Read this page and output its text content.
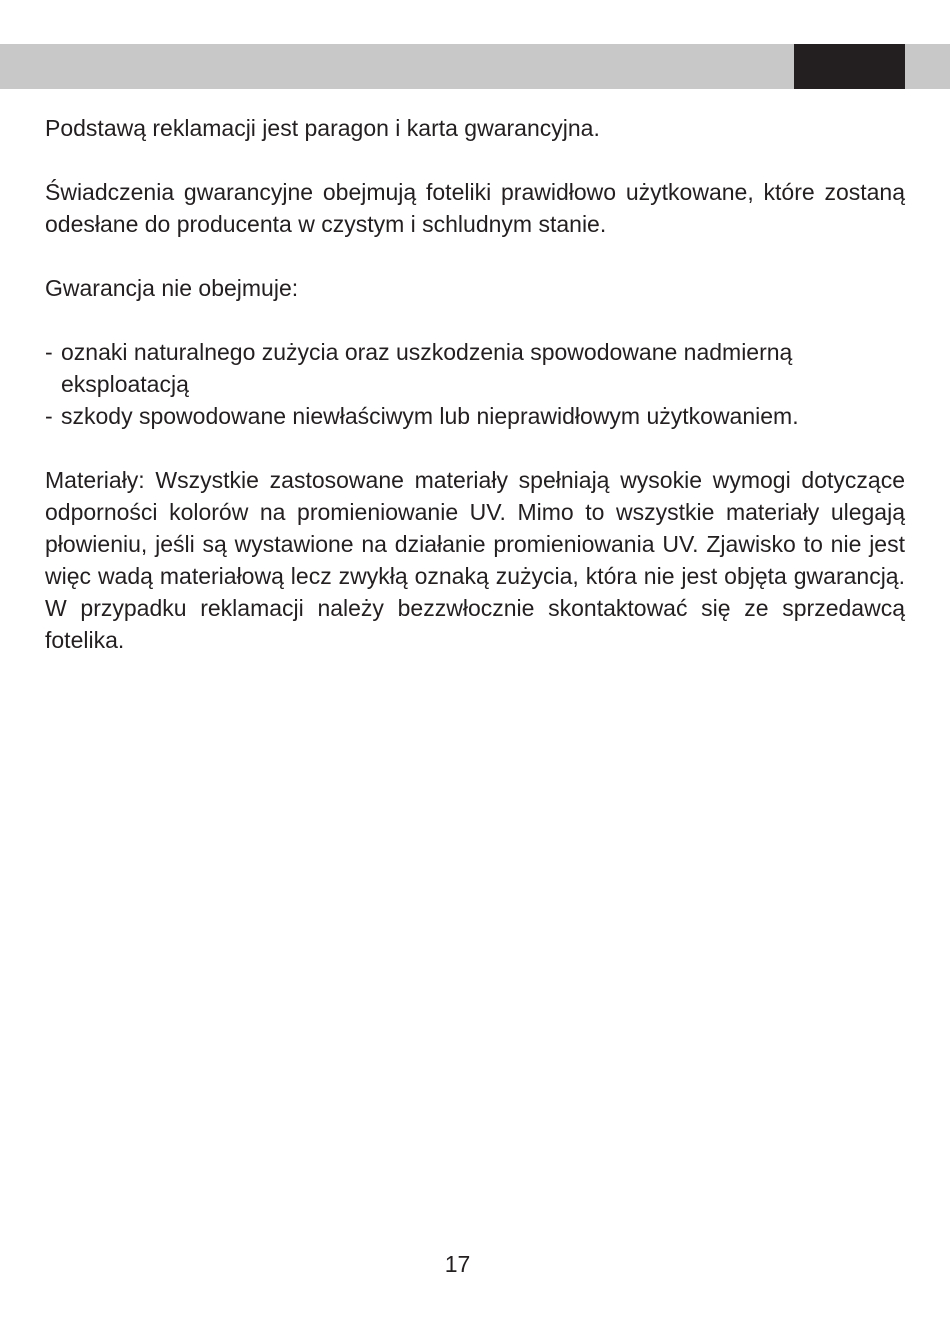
Podstawą reklamacji jest paragon i karta gwarancyjna.

Świadczenia gwarancyjne obejmują foteliki prawidłowo użytkowane, które zostaną odesłane do producenta w czystym i schludnym stanie.

Gwarancja nie obejmuje:

- oznaki naturalnego zużycia oraz uszkodzenia spowodowane nadmierną eksploatacją
- szkody spowodowane niewłaściwym lub nieprawidłowym użytkowaniem.

Materiały: Wszystkie zastosowane materiały spełniają wysokie wymogi dotyczące odporności kolorów na promieniowanie UV. Mimo to wszystkie materiały ulegają płowieniu, jeśli są wystawione na działanie promieniowania UV. Zjawisko to nie jest więc wadą materiałową lecz zwykłą oznaką zużycia, która nie jest objęta gwarancją. W przypadku reklamacji należy bezzwłocznie skontaktować się ze sprzedawcą fotelika.

17
